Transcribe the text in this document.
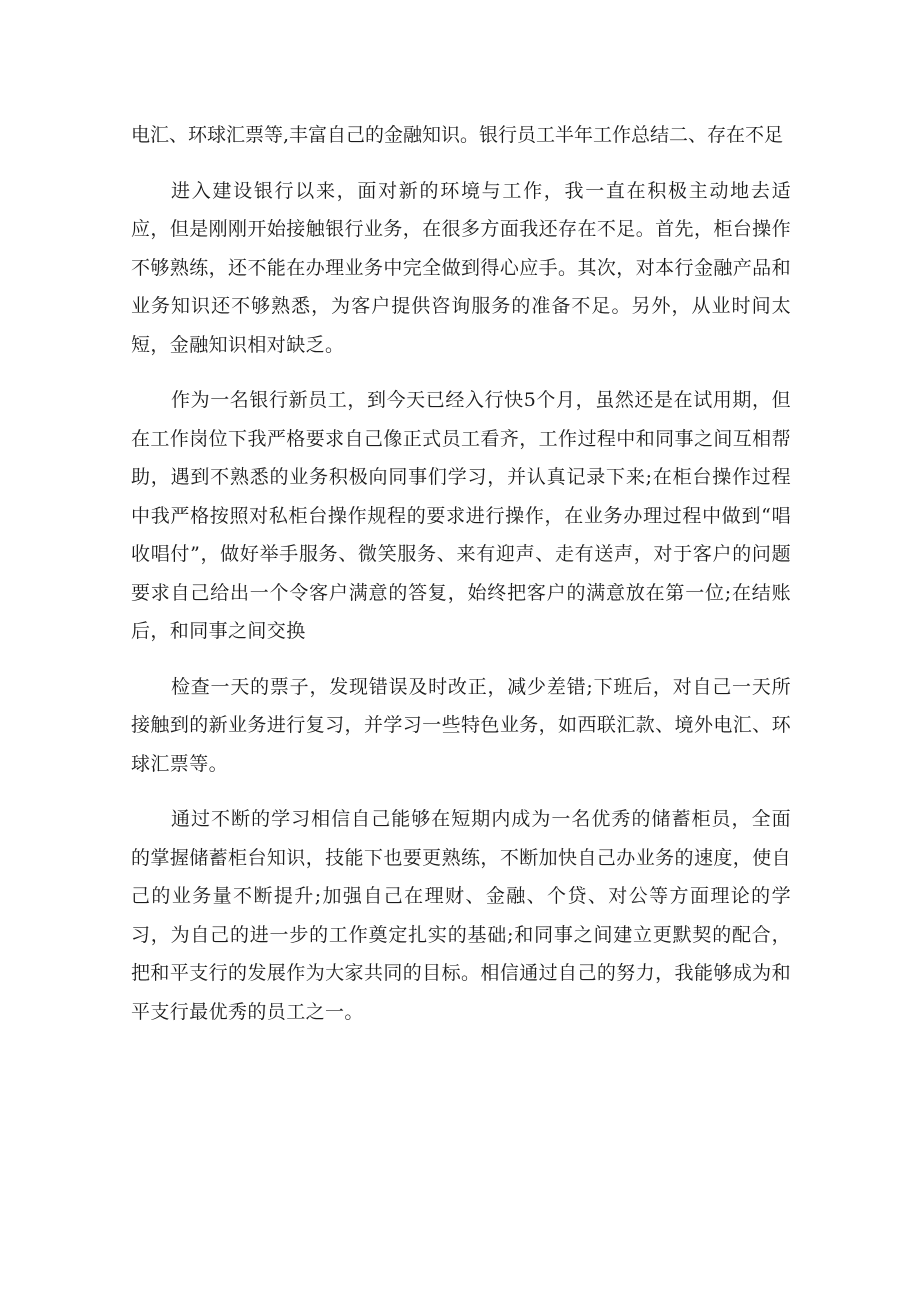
电汇、环球汇票等,丰富自己的金融知识。银行员工半年工作总结二、存在不足

进入建设银行以来，面对新的环境与工作，我一直在积极主动地去适应，但是刚刚开始接触银行业务，在很多方面我还存在不足。首先，柜台操作不够熟练，还不能在办理业务中完全做到得心应手。其次，对本行金融产品和业务知识还不够熟悉，为客户提供咨询服务的准备不足。另外，从业时间太短，金融知识相对缺乏。

作为一名银行新员工，到今天已经入行快5个月，虽然还是在试用期，但在工作岗位下我严格要求自己像正式员工看齐，工作过程中和同事之间互相帮助，遇到不熟悉的业务积极向同事们学习，并认真记录下来;在柜台操作过程中我严格按照对私柜台操作规程的要求进行操作，在业务办理过程中做到“唱收唱付”，做好举手服务、微笑服务、来有迎声、走有送声，对于客户的问题要求自己给出一个令客户满意的答复，始终把客户的满意放在第一位;在结账后，和同事之间交换

检查一天的票子，发现错误及时改正，减少差错;下班后，对自己一天所接触到的新业务进行复习，并学习一些特色业务，如西联汇款、境外电汇、环球汇票等。

通过不断的学习相信自己能够在短期内成为一名优秀的储蓄柜员，全面的掌握储蓄柜台知识，技能下也要更熟练，不断加快自己办业务的速度，使自己的业务量不断提升;加强自己在理财、金融、个贷、对公等方面理论的学习，为自己的进一步的工作奠定扎实的基础;和同事之间建立更默契的配合，把和平支行的发展作为大家共同的目标。相信通过自己的努力，我能够成为和平支行最优秀的员工之一。
